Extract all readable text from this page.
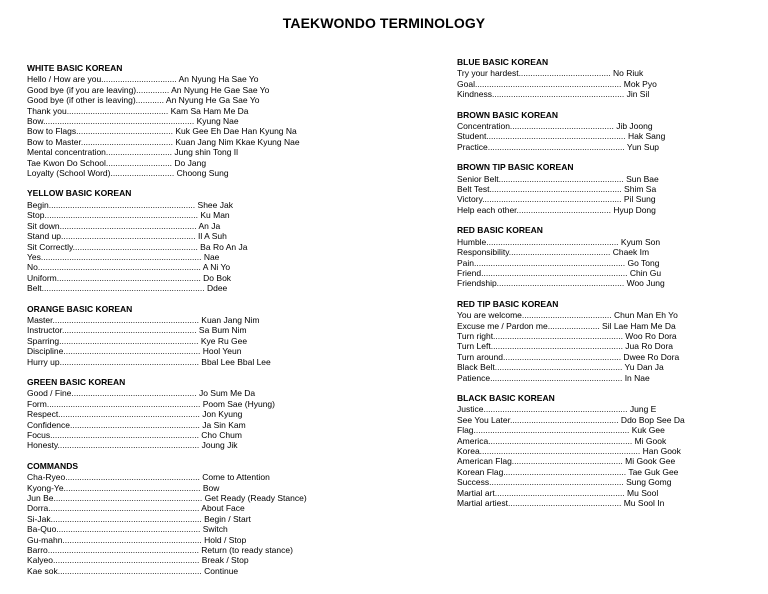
TAEKWONDO TERMINOLOGY
WHITE BASIC KOREAN
Hello / How are you................................ An Nyung Ha Sae Yo
Good bye (if you are leaving).............. An Nyung He Gae Sae Yo
Good bye (if other is leaving)............ An Nyung He Ga Sae Yo
Thank you........................................... Kam Sa Ham Me Da
Bow................................................................ Kyung Nae
Bow to Flags......................................... Kuk Gee Eh Dae Han Kyung Na
Bow to Master....................................... Kuan Jang Nim Kkae Kyung Nae
Mental concentration............................ Jung shin Tong Il
Tae Kwon Do School............................ Do Jang
Loyalty (School Word)........................... Choong Sung
YELLOW BASIC KOREAN
Begin.............................................................. Shee Jak
Stop................................................................. Ku Man
Sit down.......................................................... An Ja
Stand up......................................................... Il A Suh
Sit Correctly..................................................... Ba Ro An Ja
Yes.................................................................... Nae
No..................................................................... A Ni Yo
Uniform............................................................. Do Bok
Belt..................................................................... Ddee
ORANGE BASIC KOREAN
Master.............................................................. Kuan Jang Nim
Instructor......................................................... Sa Bum Nim
Sparring........................................................... Kye Ru Gee
Discipline.......................................................... Hool Yeun
Hurry up........................................................... Bbal Lee Bbal Lee
GREEN BASIC KOREAN
Good / Fine..................................................... Jo Sum Me Da
Form................................................................. Poom Sae (Hyung)
Respect............................................................ Jon Kyung
Confidence....................................................... Ja Sin Kam
Focus............................................................... Cho Chum
Honesty............................................................ Joung Jik
COMMANDS
Cha-Ryeo......................................................... Come to Attention
Kyong-Ye.......................................................... Bow
Jun Be............................................................... Get Ready (Ready Stance)
Dorra................................................................ About Face
Si-Jak................................................................ Begin / Start
Ba-Quo............................................................. Switch
Gu-mahn........................................................... Hold / Stop
Barro................................................................ Return (to ready stance)
Kalyeo.............................................................. Break / Stop
Kae sok............................................................. Continue
BLUE BASIC KOREAN
Try your hardest....................................... No Riuk
Goal.............................................................. Mok Pyo
Kindness........................................................ Jin Sil
BROWN BASIC KOREAN
Concentration............................................ Jib Joong
Student........................................................... Hak Sang
Practice.......................................................... Yun Sup
BROWN TIP BASIC KOREAN
Senior Belt..................................................... Sun Bae
Belt Test........................................................ Shim Sa
Victory........................................................... Pil Sung
Help each other........................................ Hyup Dong
RED BASIC KOREAN
Humble........................................................ Kyum Son
Responsibility........................................... Chaek Im
Pain................................................................ Go Tong
Friend.............................................................. Chin Gu
Friendship...................................................... Woo Jung
RED TIP BASIC KOREAN
You are welcome...................................... Chun Man Eh Yo
Excuse me / Pardon me...................... Sil Lae Ham Me Da
Turn right....................................................... Woo Ro Dora
Turn Left........................................................ Jua Ro Dora
Turn around.................................................. Dwee Ro Dora
Black Belt...................................................... Yu Dan Ja
Patience........................................................ In Nae
BLACK BASIC KOREAN
Justice............................................................. Jung E
See You Later.............................................. Ddo Bop See Da
Flag.................................................................. Kuk Gee
America............................................................. Mi Gook
Korea.................................................................... Han Gook
American Flag............................................... Mi Gook Gee
Korean Flag.................................................... Tae Guk Gee
Success......................................................... Sung Gomg
Martial art....................................................... Mu Sool
Martial artiest................................................ Mu Sool In
